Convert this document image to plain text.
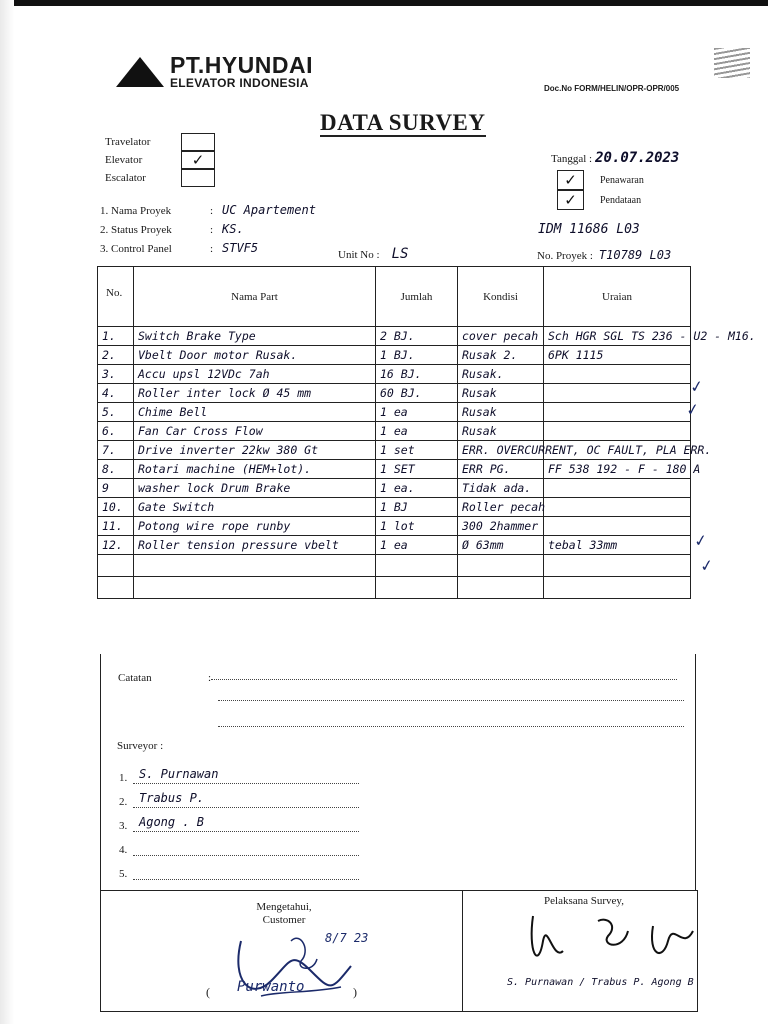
PT.HYUNDAI
ELEVATOR INDONESIA	Doc.No FORM/HELIN/OPR-OPR/005
DATA SURVEY
Travelator
Elevator	✓
Escalator
Tanggal : 20.07.2023
✓ Penawaran
✓ Pendataan
1. Nama Proyek	: UC Apartement
2. Status Proyek	: KS.
3. Control Panel	: STVF5	Unit No : LS
IDM 11686 L03
No. Proyek : T10789 L03
No.	Nama Part	Jumlah	Kondisi	Uraian
1.	Switch Brake Type	2 BJ.	cover pecah	Sch HGR SGL TS 236 - U2 - M16.
2.	Vbelt Door motor Rusak.	1 BJ.	Rusak 2.	6PK 1115
3.	Accu upsl 12VDc 7ah	16 BJ.	Rusak.	
4.	Roller inter lock Ø 45 mm	60 BJ.	Rusak	
5.	Chime Bell	1 ea	Rusak	
6.	Fan Car Cross Flow	1 ea	Rusak	
7.	Drive inverter 22kw 380 Gt	1 set	ERR. OVERCURRENT, OC FAULT, PLA ERR.	
8.	Rotari machine (HEM+lot).	1 SET	ERR PG.	FF 538 192 - F - 180 A
9	washer lock Drum Brake	1 ea.	Tidak ada.	
10.	Gate Switch	1 BJ	Roller pecah	
11.	Potong wire rope runby	1 lot	300 2hammer	
12.	Roller tension pressure vbelt	1 ea	Ø 63mm	tebal 33mm

✓
✓
✓
✓
Catatan	:
Surveyor :
1. S. Purnawan
2. Trabus P.
3. Agong . B
4.
5.
Mengetahui,
Customer
8/7 23
( Purwanto	)
Pelaksana Survey,
S. Purnawan / Trabus P. Agong B
